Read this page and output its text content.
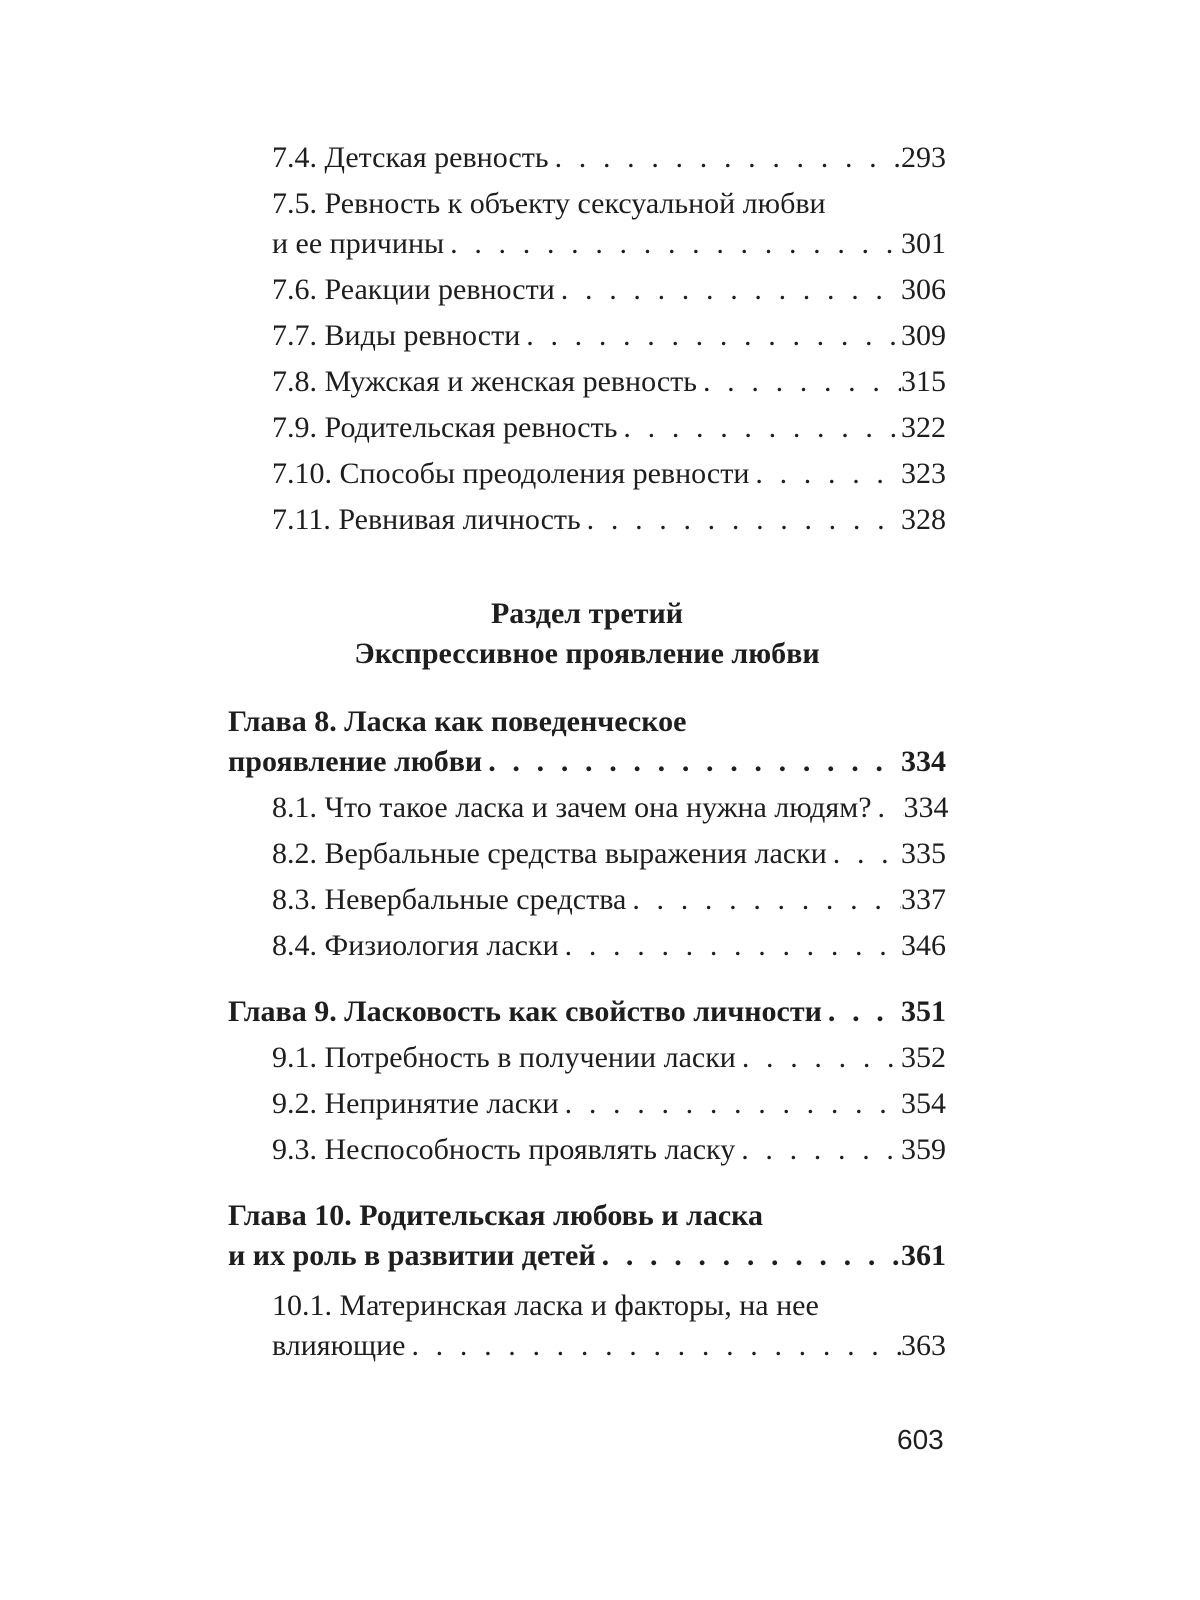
7.4. Детская ревность . . .	293
7.5. Ревность к объекту сексуальной любви
и ее причины . . .	301
7.6. Реакции ревности . . .	306
7.7. Виды ревности . . .	309
7.8. Мужская и женская ревность . . .	315
7.9. Родительская ревность . . .	322
7.10. Способы преодоления ревности . . .	323
7.11. Ревнивая личность . . .	328
Раздел третий
Экспрессивное проявление любви
Глава 8. Ласка как поведенческое
проявление любви . . .	334
8.1. Что такое ласка и зачем она нужна людям? . . . 334
8.2. Вербальные средства выражения ласки . . . 335
8.3. Невербальные средства . . .	337
8.4. Физиология ласки . . .	346
Глава 9. Ласковость как свойство личности . . .	351
9.1. Потребность в получении ласки . . .	352
9.2. Непринятие ласки . . .	354
9.3. Неспособность проявлять ласку . . .	359
Глава 10. Родительская любовь и ласка
и их роль в развитии детей . . .	361
10.1. Материнская ласка и факторы, на нее
влияющие . . .	363
603
